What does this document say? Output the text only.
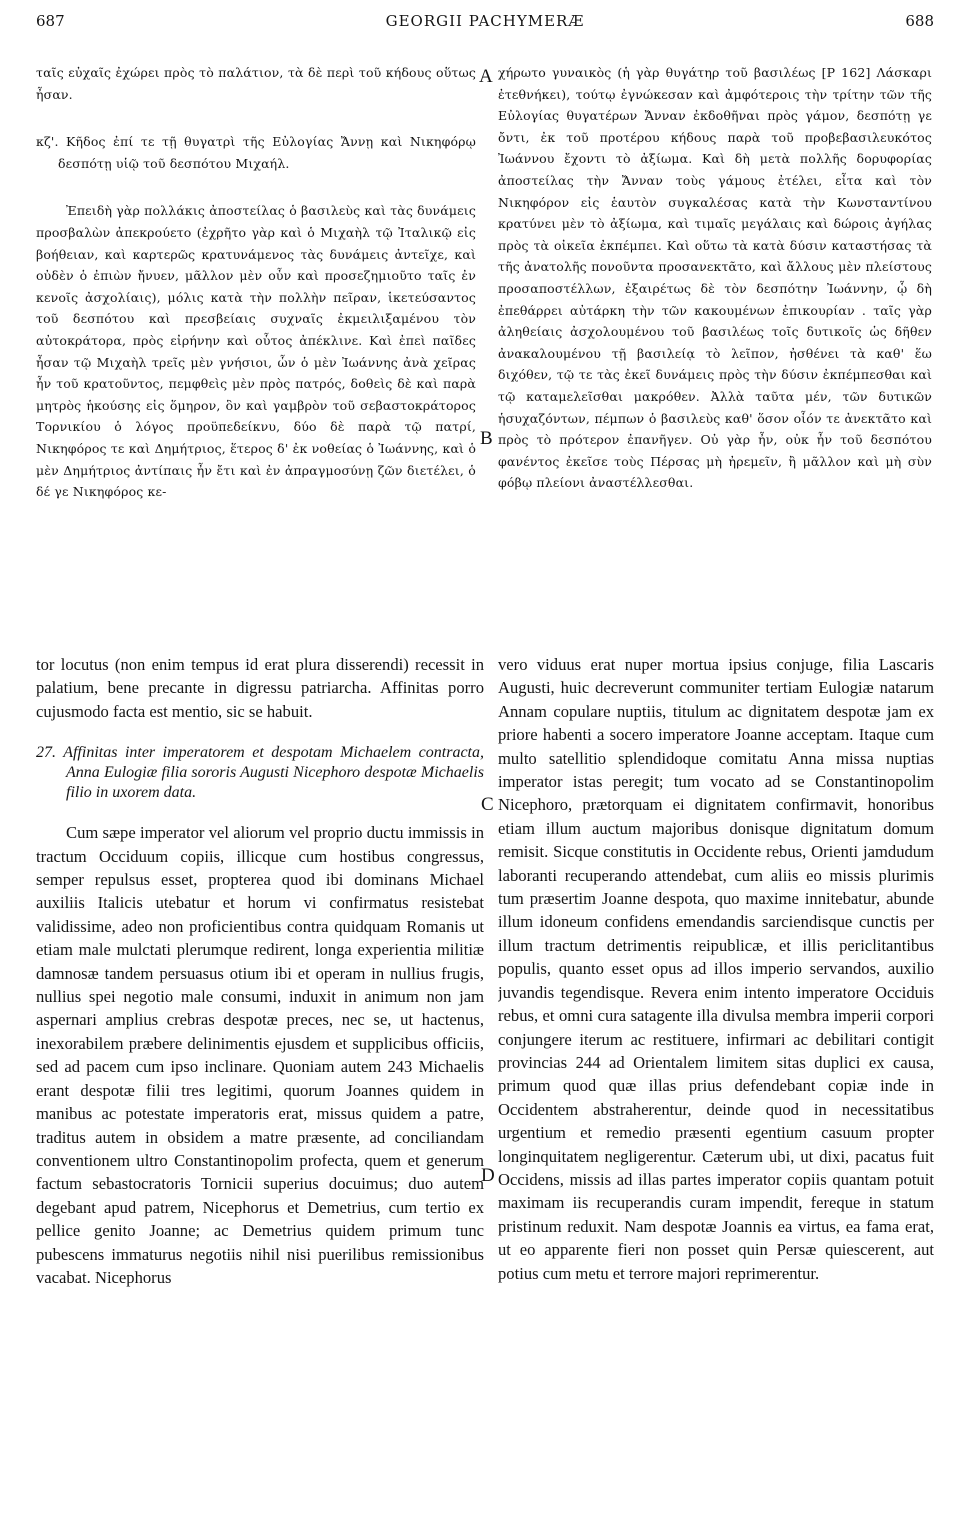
687	GEORGII PACHYMERÆ	688

ταῖς εὐχαῖς ἐχώρει πρὸς τὸ παλάτιον, τὰ δὲ περὶ τοῦ κήδους οὕτως ἦσαν.

κζ'. Κῆδος ἐπί τε τῇ θυγατρὶ τῆς Εὐλογίας Ἄννῃ καὶ Νικηφόρῳ δεσπότῃ υἱῷ τοῦ δεσπότου Μιχαήλ.

Ἐπειδὴ γὰρ πολλάκις ἀποστείλας ὁ βασιλεὺς καὶ τὰς δυνάμεις προσβαλὼν ἀπεκρούετο (ἐχρῆτο γὰρ καὶ ὁ Μιχαὴλ τῷ Ἰταλικῷ εἰς βοήθειαν, καὶ καρτερῶς κρατυνάμενος τὰς δυνάμεις ἀντεῖχε, καὶ οὐδὲν ὁ ἐπιὼν ἤνυεν, μᾶλλον μὲν οὖν καὶ προσεζημιοῦτο ταῖς ἐν κενοῖς ἀσχολίαις), μόλις κατὰ τὴν πολλὴν πεῖραν, ἱκετεύσαντος τοῦ δεσπότου καὶ πρεσβείαις συχναῖς ἐκμειλιξαμένου τὸν αὐτοκράτορα, πρὸς εἰρήνην καὶ οὗτος ἀπέκλινε. Καὶ ἐπεὶ παῖδες ἦσαν τῷ Μιχαὴλ τρεῖς μὲν γνήσιοι, ὧν ὁ μὲν Ἰωάννης ἀνὰ χεῖρας ἦν τοῦ κρατοῦντος, πεμφθεὶς μὲν πρὸς πατρός, δοθεὶς δὲ καὶ παρὰ μητρὸς ἡκούσης εἰς ὅμηρον, ὃν καὶ γαμβρὸν τοῦ σεβαστοκράτορος Τορνικίου ὁ λόγος προϋπεδείκνυ, δύο δὲ παρὰ τῷ πατρί, Νικηφόρος τε καὶ Δημήτριος, ἕτερος δ' ἐκ νοθείας ὁ Ἰωάννης, καὶ ὁ μὲν Δημήτριος ἀντίπαις ἦν ἔτι καὶ ἐν ἀπραγμοσύνῃ ζῶν διετέλει, ὁ δέ γε Νικηφόρος κε-

χήρωτο γυναικὸς (ἡ γὰρ θυγάτηρ τοῦ βασιλέως [P 162] Λάσκαρι ἐτεθνήκει), τούτῳ ἐγνώκεσαν καὶ ἀμφότεροις τὴν τρίτην τῶν τῆς Εὐλογίας θυγατέρων Ἄνναν ἐκδοθῆναι πρὸς γάμον, δεσπότῃ γε ὄντι, ἐκ τοῦ προτέρου κήδους παρὰ τοῦ προβεβασιλευκότος Ἰωάννου ἔχοντι τὸ ἀξίωμα. Καὶ δὴ μετὰ πολλῆς δορυφορίας ἀποστείλας τὴν Ἄνναν τοὺς γάμους ἐτέλει, εἶτα καὶ τὸν Νικηφόρον εἰς ἑαυτὸν συγκαλέσας κατὰ τὴν Κωνσταντίνου κρατύνει μὲν τὸ ἀξίωμα, καὶ τιμαῖς μεγάλαις καὶ δώροις ἀγήλας πρὸς τὰ οἰκεῖα ἐκπέμπει. Καὶ οὕτω τὰ κατὰ δύσιν καταστήσας τὰ τῆς ἀνατολῆς πονοῦντα προσανεκτᾶτο, καὶ ἄλλους μὲν πλείστους προσαποστέλλων, ἐξαιρέτως δὲ τὸν δεσπότην Ἰωάννην, ᾧ δὴ ἐπεθάρρει αὐτάρκη τὴν τῶν κακουμένων ἐπικουρίαν . ταῖς γὰρ ἀληθείαις ἀσχολουμένου τοῦ βασιλέως τοῖς δυτικοῖς ὡς δῆθεν ἀνακαλουμένου τῇ βασιλείᾳ τὸ λεῖπον, ἠσθένει τὰ καθ' ἕω διχόθεν, τῷ τε τὰς ἐκεῖ δυνάμεις πρὸς τὴν δύσιν ἐκπέμπεσθαι καὶ τῷ καταμελεῖσθαι μακρόθεν. Ἀλλὰ ταῦτα μέν, τῶν δυτικῶν ἡσυχαζόντων, πέμπων ὁ βασιλεὺς καθ' ὅσον οἷόν τε ἀνεκτᾶτο καὶ πρὸς τὸ πρότερον ἐπανῆγεν. Οὐ γὰρ ἦν, οὐκ ἦν τοῦ δεσπότου φανέντος ἐκεῖσε τοὺς Πέρσας μὴ ἠρεμεῖν, ἢ μᾶλλον καὶ μὴ σὺν φόβῳ πλείονι ἀναστέλλεσθαι.

tor locutus (non enim tempus id erat plura disserendi) recessit in palatium, bene precante in digressu patriarcha. Affinitas porro cujusmodo facta est mentio, sic se habuit.

27. Affinitas inter imperatorem et despotam Michaelem contracta, Anna Eulogiæ filia sororis Augusti Nicephoro despotæ Michaelis filio in uxorem data.

Cum sæpe imperator vel aliorum vel proprio ductu immissis in tractum Occiduum copiis, illicque cum hostibus congressus, semper repulsus esset, propterea quod ibi dominans Michael auxiliis Italicis utebatur et horum vi confirmatus resistebat validissime, adeo non proficientibus contra quidquam Romanis ut etiam male mulctati plerumque redirent, longa experientia militiæ damnosæ tandem persuasus otium ibi et operam in nullius frugis, nullius spei negotio male consumi, induxit in animum non jam aspernari amplius crebras despotæ preces, nec se, ut hactenus, inexorabilem præbere delinimentis ejusdem et supplicibus officiis, sed ad pacem cum ipso inclinare. Quoniam autem 243 Michaelis erant despotæ filii tres legitimi, quorum Joannes quidem in manibus ac potestate imperatoris erat, missus quidem a patre, traditus autem in obsidem a matre præsente, ad conciliandam conventionem ultro Constantinopolim profecta, quem et generum factum sebastocratoris Tornicii superius docuimus; duo autem degebant apud patrem, Nicephorus et Demetrius, cum tertio ex pellice genito Joanne; ac Demetrius quidem primum tunc pubescens immaturus negotiis nihil nisi puerilibus remissionibus vacabat. Nicephorus

vero viduus erat nuper mortua ipsius conjuge, filia Lascaris Augusti, huic decreverunt communiter tertiam Eulogiæ natarum Annam copulare nuptiis, titulum ac dignitatem despotæ jam ex priore habenti a socero imperatore Joanne acceptam. Itaque cum multo satellitio splendidoque comitatu Anna missa nuptias imperator istas peregit; tum vocato ad se Constantinopolim Nicephoro, prætorquam ei dignitatem confirmavit, honoribus etiam illum auctum majoribus donisque dignitatum domum remisit. Sicque constitutis in Occidente rebus, Orienti jamdudum laboranti recuperando attendebat, cum aliis eo missis plurimis tum præsertim Joanne despota, quo maxime innitebatur, abunde illum idoneum confidens emendandis sarciendisque cunctis per illum tractum detrimentis reipublicæ, et illis periclitantibus populis, quanto esset opus ad illos imperio servandos, auxilio juvandis tegendisque. Revera enim intento imperatore Occiduis rebus, et omni cura satagente illa divulsa membra imperii corpori conjungere iterum ac restituere, infirmari ac debilitari contigit provincias 244 ad Orientalem limitem sitas duplici ex causa, primum quod quæ illas prius defendebant copiæ inde in Occidentem abstraherentur, deinde quod in necessitatibus urgentium et remedio præsenti egentium casuum propter longinquitatem negligerentur. Cæterum ubi, ut dixi, pacatus fuit Occidens, missis ad illas partes imperator copiis quantam potuit maximam iis recuperandis curam impendit, fereque in statum pristinum reduxit. Nam despotæ Joannis ea virtus, ea fama erat, ut eo apparente fieri non posset quin Persæ quiescerent, aut potius cum metu et terrore majori reprimerentur.

A
B
C
D
